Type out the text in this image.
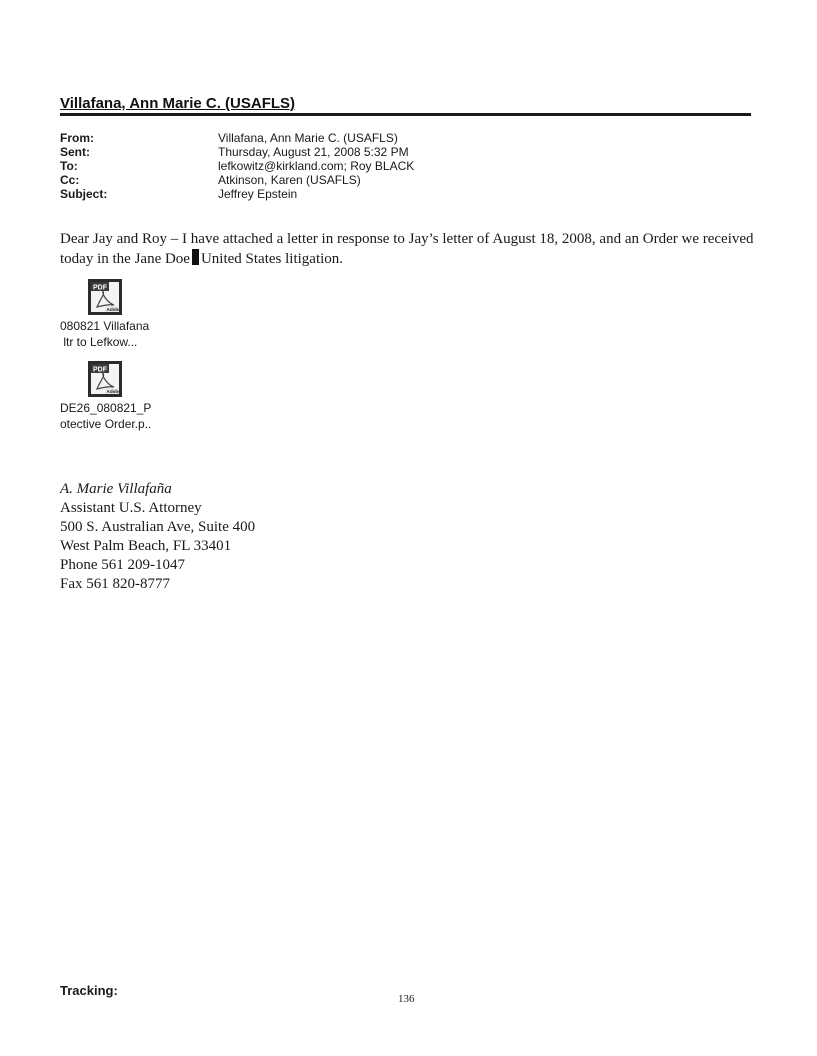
Villafana, Ann Marie C. (USAFLS)
From:	Villafana, Ann Marie C. (USAFLS)
Sent:	Thursday, August 21, 2008 5:32 PM
To:	lefkowitz@kirkland.com; Roy BLACK
Cc:	Atkinson, Karen (USAFLS)
Subject:	Jeffrey Epstein
Dear Jay and Roy – I have attached a letter in response to Jay’s letter of August 18, 2008, and an Order we received today in the Jane Doe United States litigation.
PDF
Adobe
080821 Villafana
ltr to Lefkow...
PDF
Adobe
DE26_080821_P
otective Order.p..
A. Marie Villafaña
Assistant U.S. Attorney
500 S. Australian Ave, Suite 400
West Palm Beach, FL 33401
Phone 561 209-1047
Fax 561 820-8777
Tracking:
136
